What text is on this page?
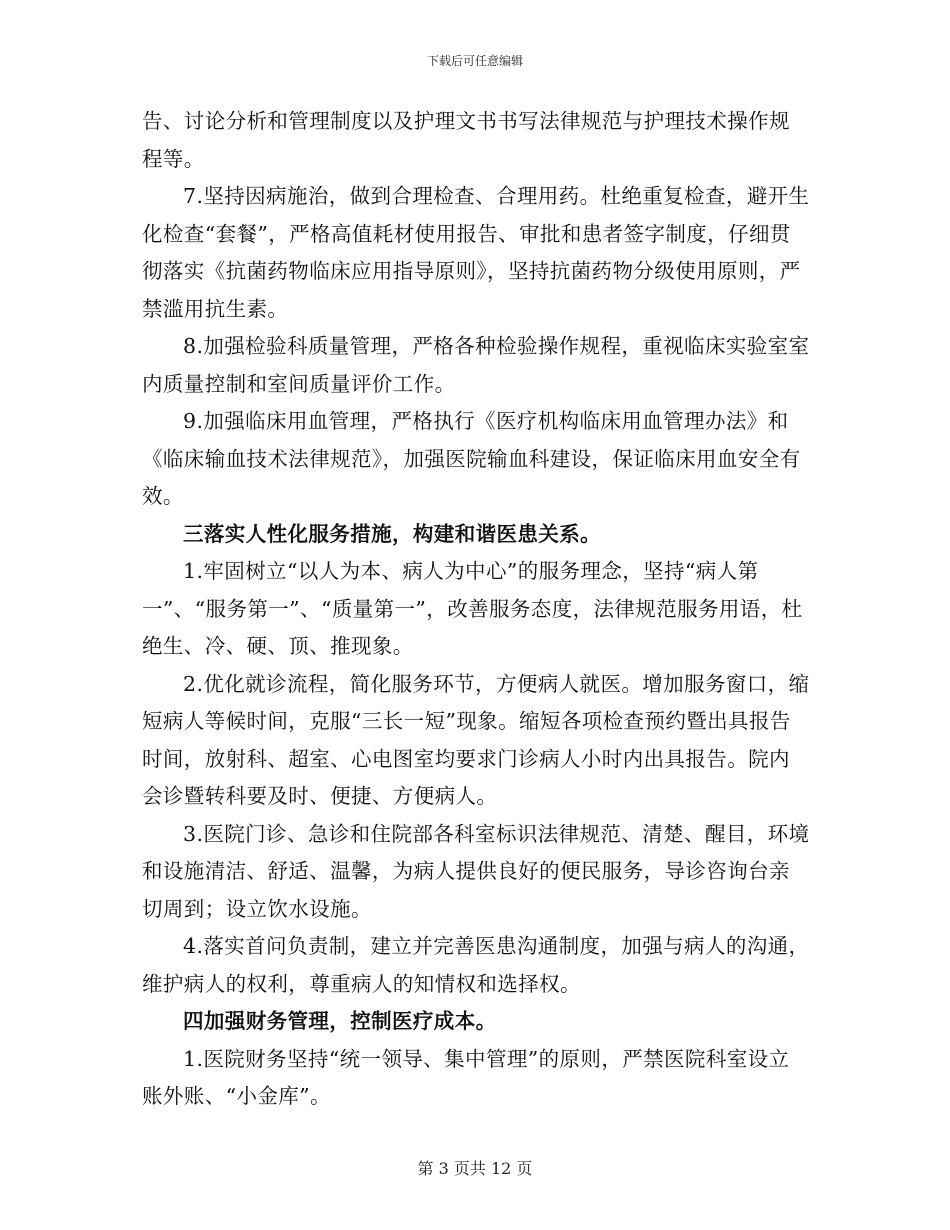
下载后可任意编辑

告、讨论分析和管理制度以及护理文书书写法律规范与护理技术操作规程等。

7.坚持因病施治，做到合理检查、合理用药。杜绝重复检查，避开生化检查“套餐”，严格高值耗材使用报告、审批和患者签字制度，仔细贯彻落实《抗菌药物临床应用指导原则》，坚持抗菌药物分级使用原则，严禁滥用抗生素。

8.加强检验科质量管理，严格各种检验操作规程，重视临床实验室室内质量控制和室间质量评价工作。

9.加强临床用血管理，严格执行《医疗机构临床用血管理办法》和《临床输血技术法律规范》，加强医院输血科建设，保证临床用血安全有效。

三落实人性化服务措施，构建和谐医患关系。

1.牢固树立“以人为本、病人为中心”的服务理念，坚持“病人第一”、“服务第一”、“质量第一”，改善服务态度，法律规范服务用语，杜绝生、冷、硬、顶、推现象。

2.优化就诊流程，简化服务环节，方便病人就医。增加服务窗口，缩短病人等候时间，克服“三长一短”现象。缩短各项检查预约暨出具报告时间，放射科、超室、心电图室均要求门诊病人小时内出具报告。院内会诊暨转科要及时、便捷、方便病人。

3.医院门诊、急诊和住院部各科室标识法律规范、清楚、醒目，环境和设施清洁、舒适、温馨，为病人提供良好的便民服务，导诊咨询台亲切周到；设立饮水设施。

4.落实首问负责制，建立并完善医患沟通制度，加强与病人的沟通，维护病人的权利，尊重病人的知情权和选择权。

四加强财务管理，控制医疗成本。

1.医院财务坚持“统一领导、集中管理”的原则，严禁医院科室设立账外账、“小金库”。

第 3 页共 12 页
